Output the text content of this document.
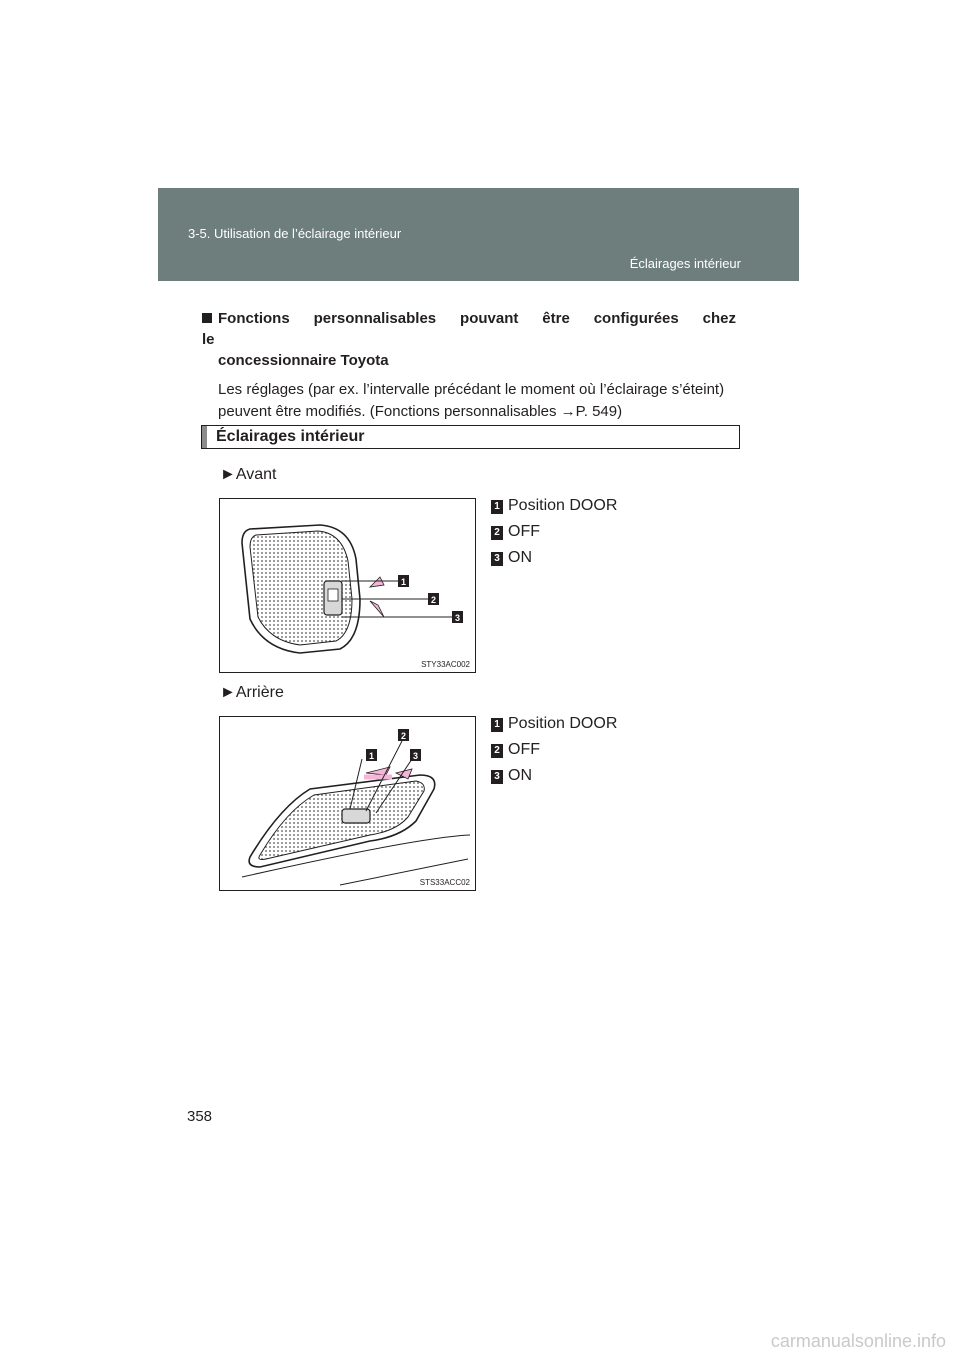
3-5. Utilisation de l’éclairage intérieur
Éclairages intérieur
Fonctions personnalisables pouvant être configurées chez le
concessionnaire Toyota
Les réglages (par ex. l’intervalle précédant le moment où l’éclairage s’éteint)
peuvent être modifiés. (Fonctions personnalisables →P. 549)
Éclairages intérieur
►Avant
1
2
3
STY33AC002
1 Position DOOR
2 OFF
3 ON
►Arrière
1
2
3
STS33ACC02
1 Position DOOR
2 OFF
3 ON
358
carmanualsonline.info
